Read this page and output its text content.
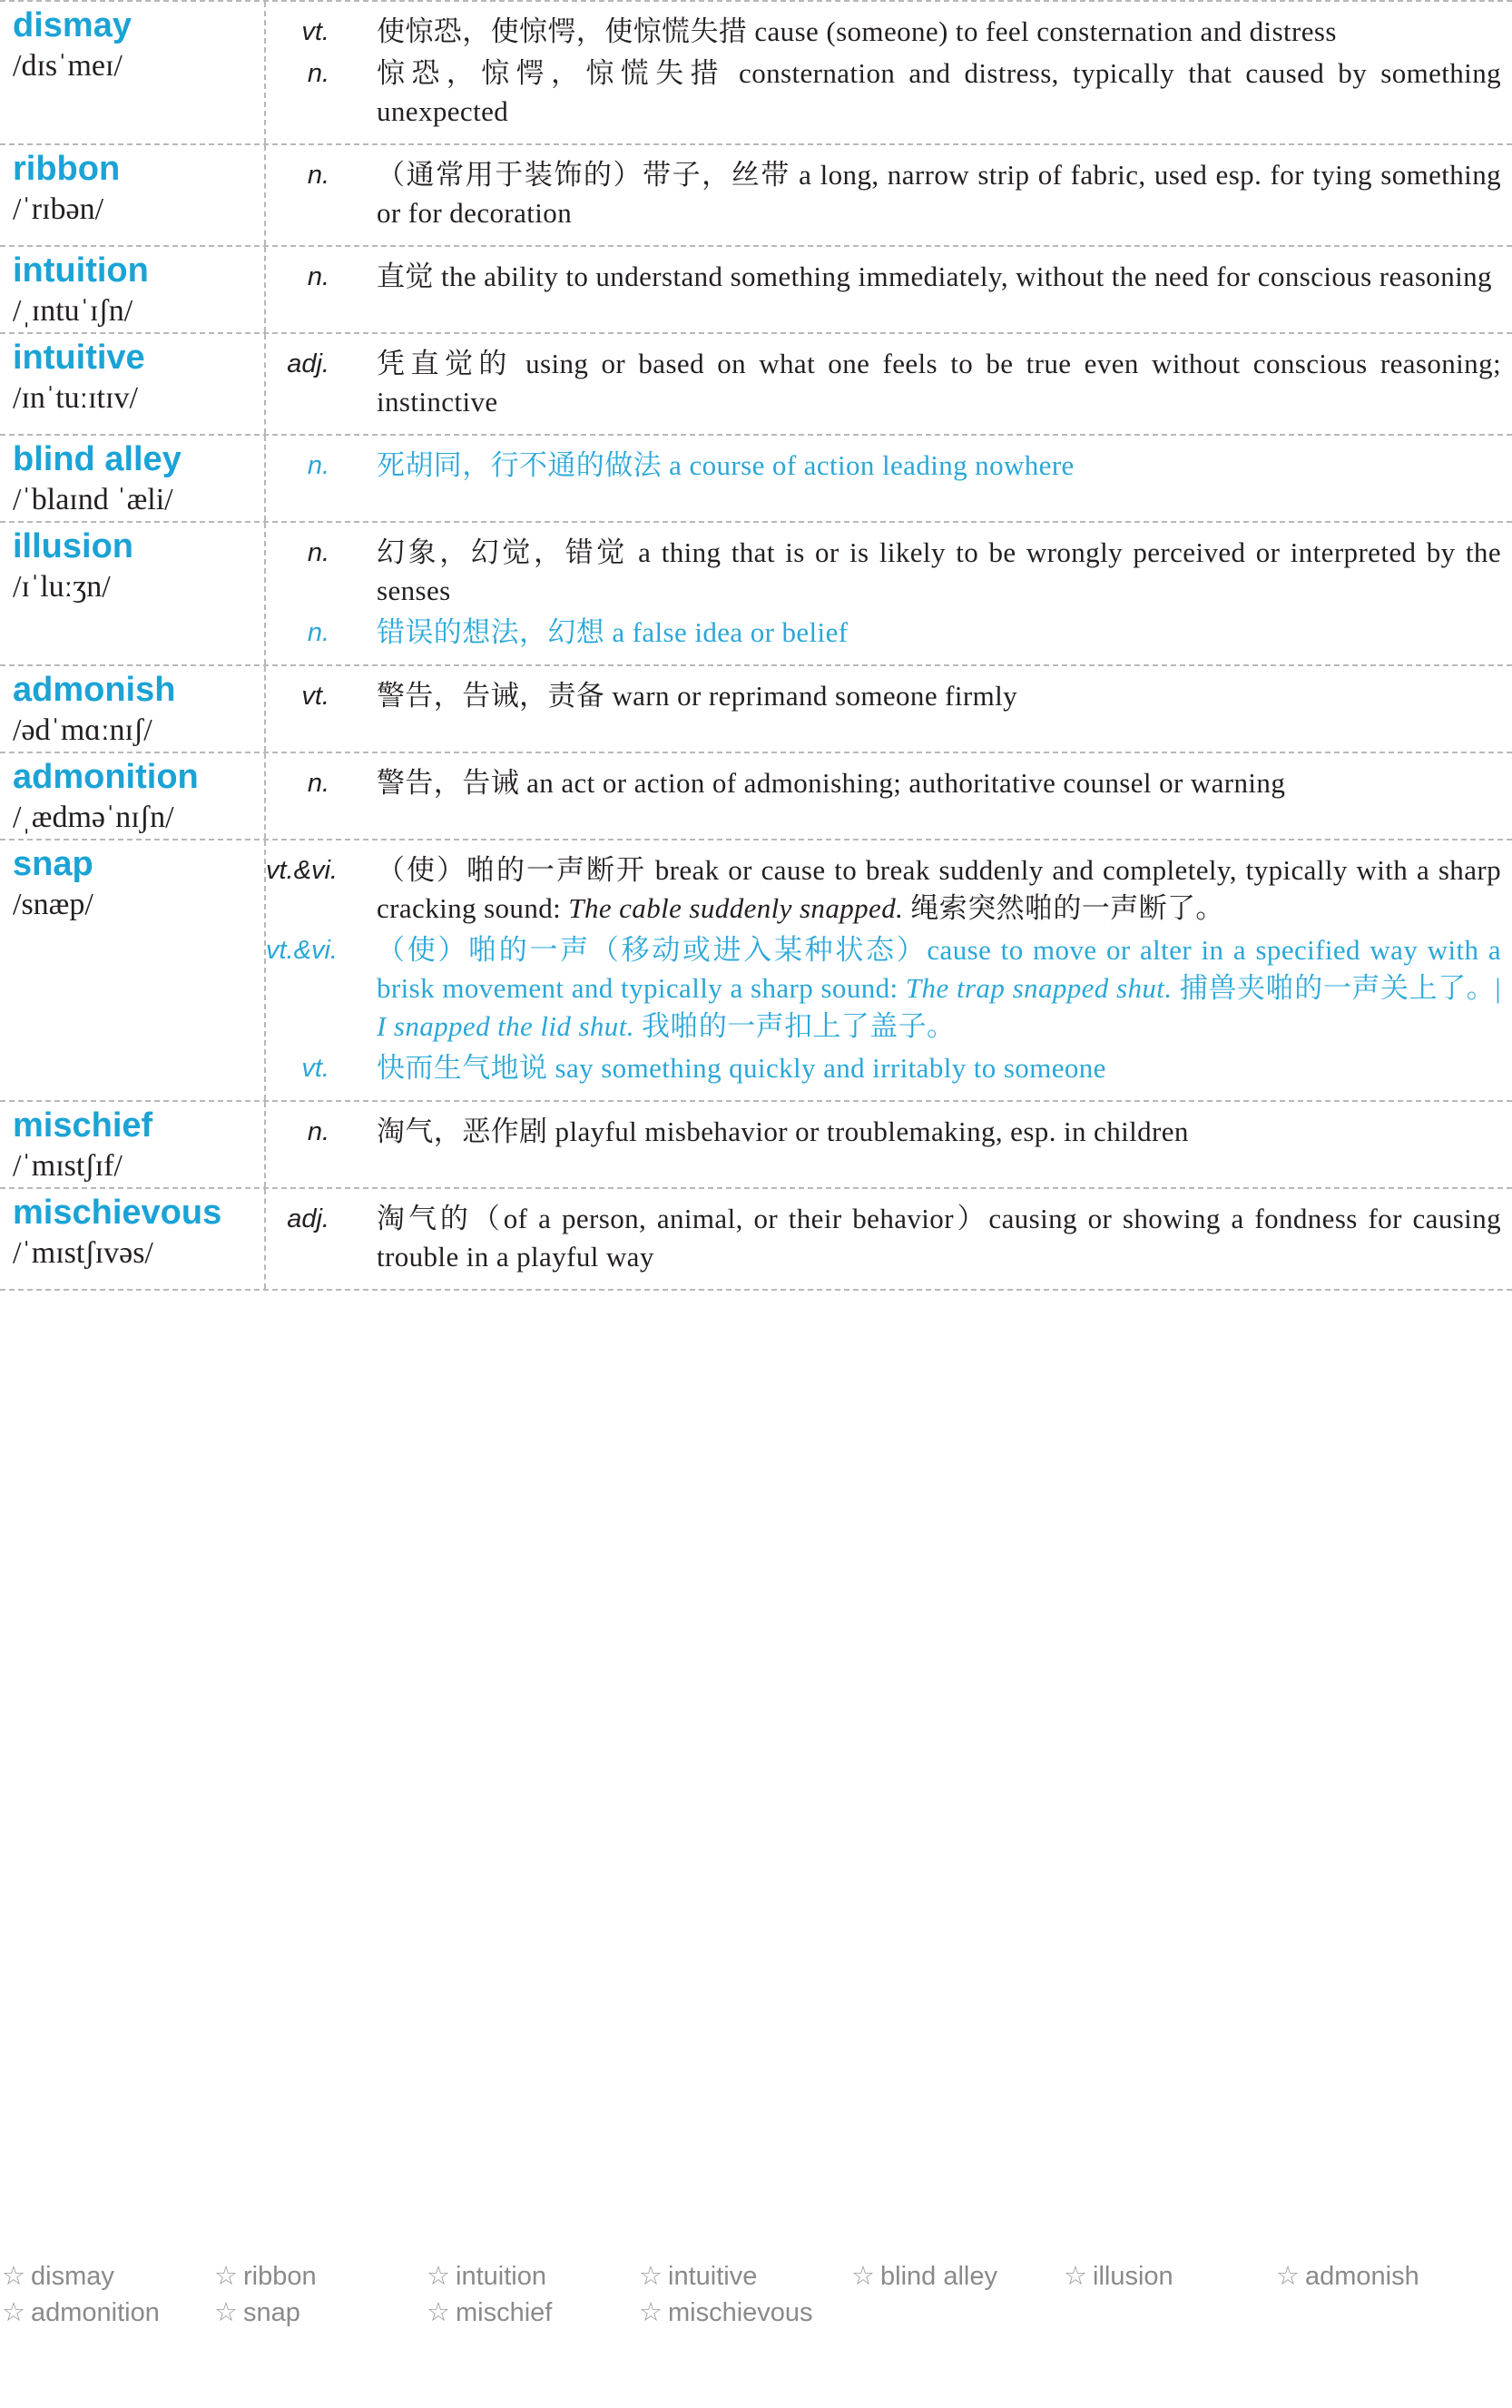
dismay
/dɪsˈmeɪ/
vt.	使惊恐，使惊愕，使惊慌失措 cause (someone) to feel consternation and distress
n.	惊恐，惊愕，惊慌失措 consternation and distress, typically that caused by something unexpected
ribbon
/ˈrɪbən/
n.	（通常用于装饰的）带子，丝带 a long, narrow strip of fabric, used esp. for tying something or for decoration
intuition
/ˌɪntuˈɪʃn/
n.	直觉 the ability to understand something immediately, without the need for conscious reasoning
intuitive
/ɪnˈtuːɪtɪv/
adj.	凭直觉的 using or based on what one feels to be true even without conscious reasoning; instinctive
blind alley
/ˈblaɪnd ˈæli/
n.	死胡同，行不通的做法 a course of action leading nowhere
illusion
/ɪˈluːʒn/
n.	幻象，幻觉，错觉 a thing that is or is likely to be wrongly perceived or interpreted by the senses
n.	错误的想法，幻想 a false idea or belief
admonish
/ədˈmɑːnɪʃ/
vt.	警告，告诫，责备 warn or reprimand someone firmly
admonition
/ˌædməˈnɪʃn/
n.	警告，告诫 an act or action of admonishing; authoritative counsel or warning
snap
/snæp/
vt.&vi.	（使）啪的一声断开 break or cause to break suddenly and completely, typically with a sharp cracking sound: The cable suddenly snapped. 绳索突然啪的一声断了。
vt.&vi.	（使）啪的一声（移动或进入某种状态）cause to move or alter in a specified way with a brisk movement and typically a sharp sound: The trap snapped shut. 捕兽夹啪的一声关上了。| I snapped the lid shut. 我啪的一声扣上了盖子。
vt.	快而生气地说 say something quickly and irritably to someone
mischief
/ˈmɪstʃɪf/
n.	淘气，恶作剧 playful misbehavior or troublemaking, esp. in children
mischievous
/ˈmɪstʃɪvəs/
adj.	淘气的（of a person, animal, or their behavior）causing or showing a fondness for causing trouble in a playful way
☆ dismay	☆ ribbon	☆ intuition	☆ intuitive	☆ blind alley	☆ illusion	☆ admonish
☆ admonition	☆ snap	☆ mischief	☆ mischievous
